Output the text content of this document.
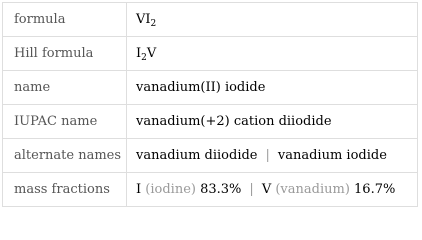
formula	$VI_2$
Hill formula	$I_2V$
name	vanadium(II) iodide
IUPAC name	vanadium(+2) cation diiodide
alternate names	vanadium diiodide | vanadium iodide
mass fractions	I (iodine) 83.3% | V (vanadium) 16.7%
